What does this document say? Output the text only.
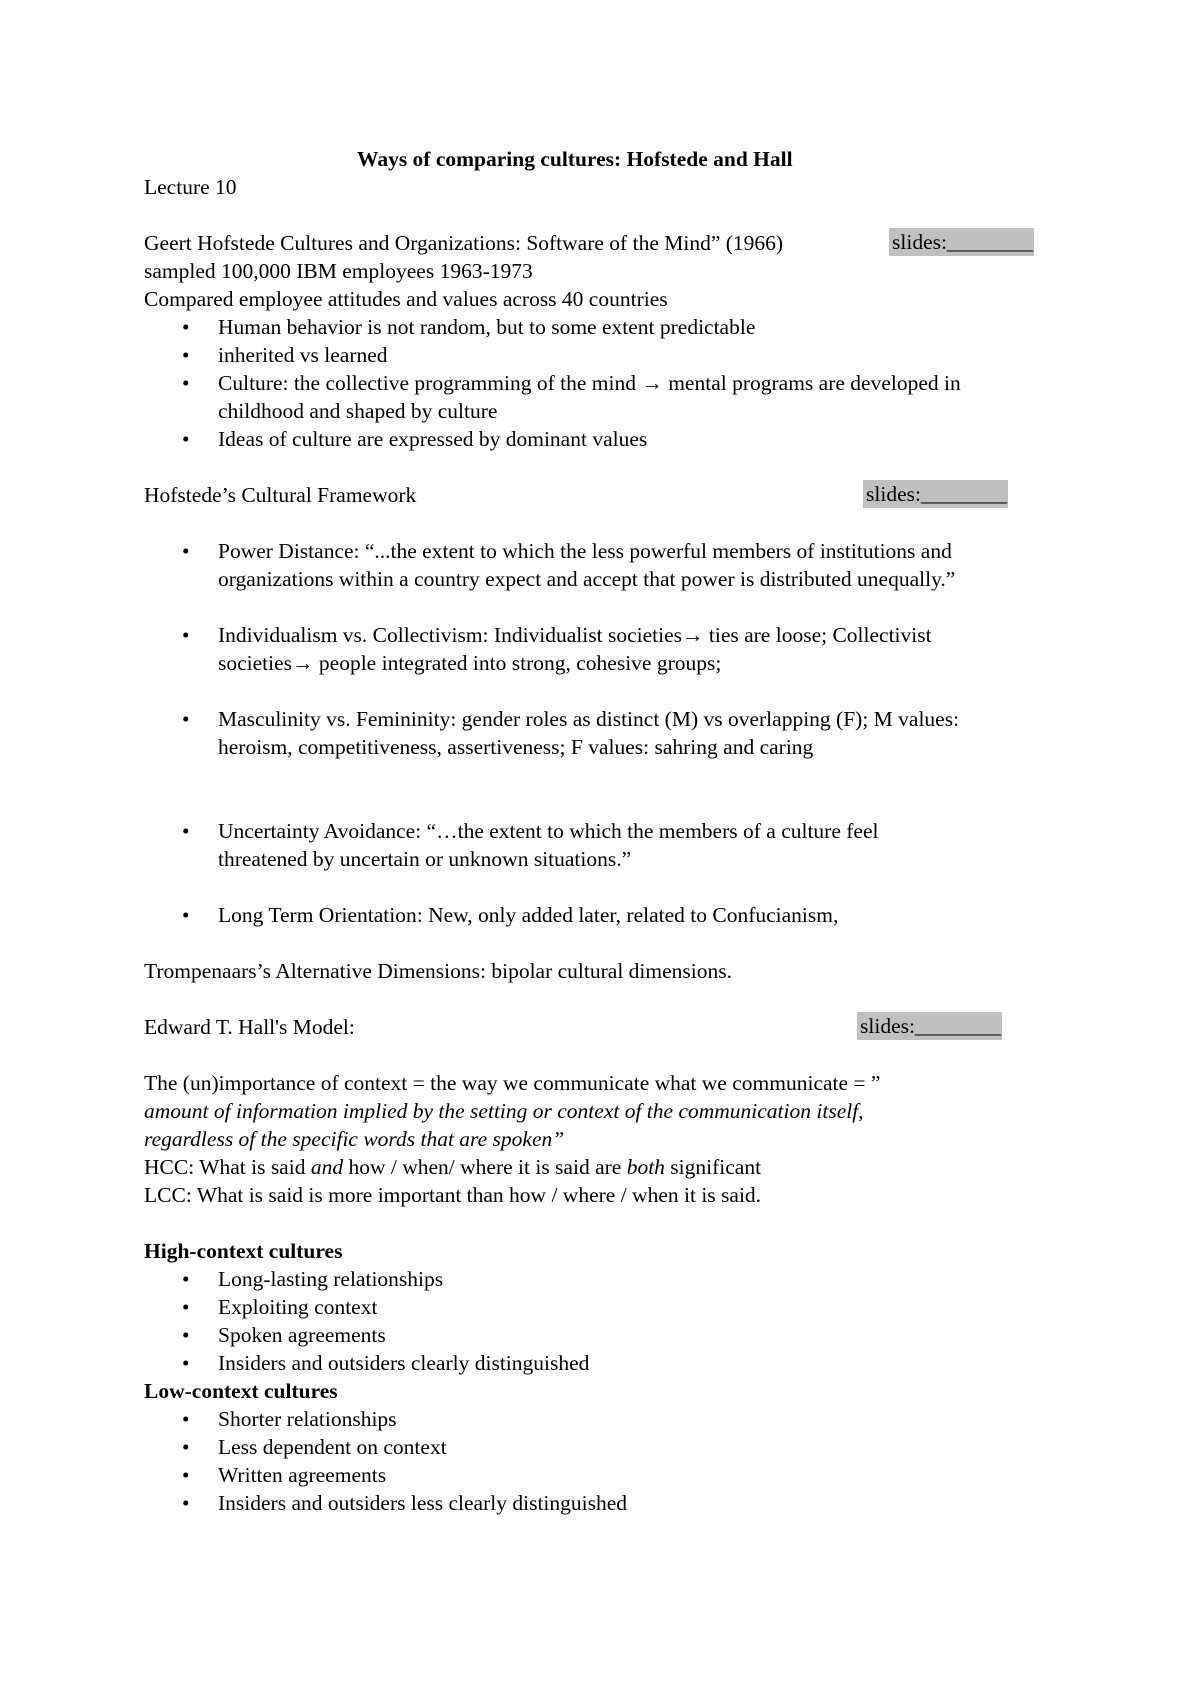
Ways of comparing cultures: Hofstede and Hall
Lecture 10
Geert Hofstede Cultures and Organizations: Software of the Mind” (1966)	slides:________
sampled 100,000 IBM employees 1963-1973
Compared employee attitudes and values across 40 countries
•
Human behavior is not random, but to some extent predictable
•
inherited vs learned
•
Culture: the collective programming of the mind → mental programs are developed in
childhood and shaped by culture
•
Ideas of culture are expressed by dominant values
Hofstede’s Cultural Framework	slides:________
•
Power Distance: “...the extent to which the less powerful members of institutions and
organizations within a country expect and accept that power is distributed unequally.”
•
Individualism vs. Collectivism: Individualist societies→ ties are loose; Collectivist
societies→ people integrated into strong, cohesive groups;
•
Masculinity vs. Femininity: gender roles as distinct (M) vs overlapping (F); M values:
heroism, competitiveness, assertiveness; F values: sahring and caring
•
Uncertainty Avoidance: “…the extent to which the members of a culture feel
threatened by uncertain or unknown situations.”
•
Long Term Orientation: New, only added later, related to Confucianism,
Trompenaars’s Alternative Dimensions: bipolar cultural dimensions.
Edward T. Hall's Model:	slides:________
The (un)importance of context = the way we communicate what we communicate = ”
amount of information implied by the setting or context of the communication itself,
regardless of the specific words that are spoken”
HCC: What is said and how / when/ where it is said are both significant
LCC: What is said is more important than how / where / when it is said.
High-context cultures
•
Long-lasting relationships
•
Exploiting context
•
Spoken agreements
•
Insiders and outsiders clearly distinguished
Low-context cultures
•
Shorter relationships
•
Less dependent on context
•
Written agreements
•
Insiders and outsiders less clearly distinguished
